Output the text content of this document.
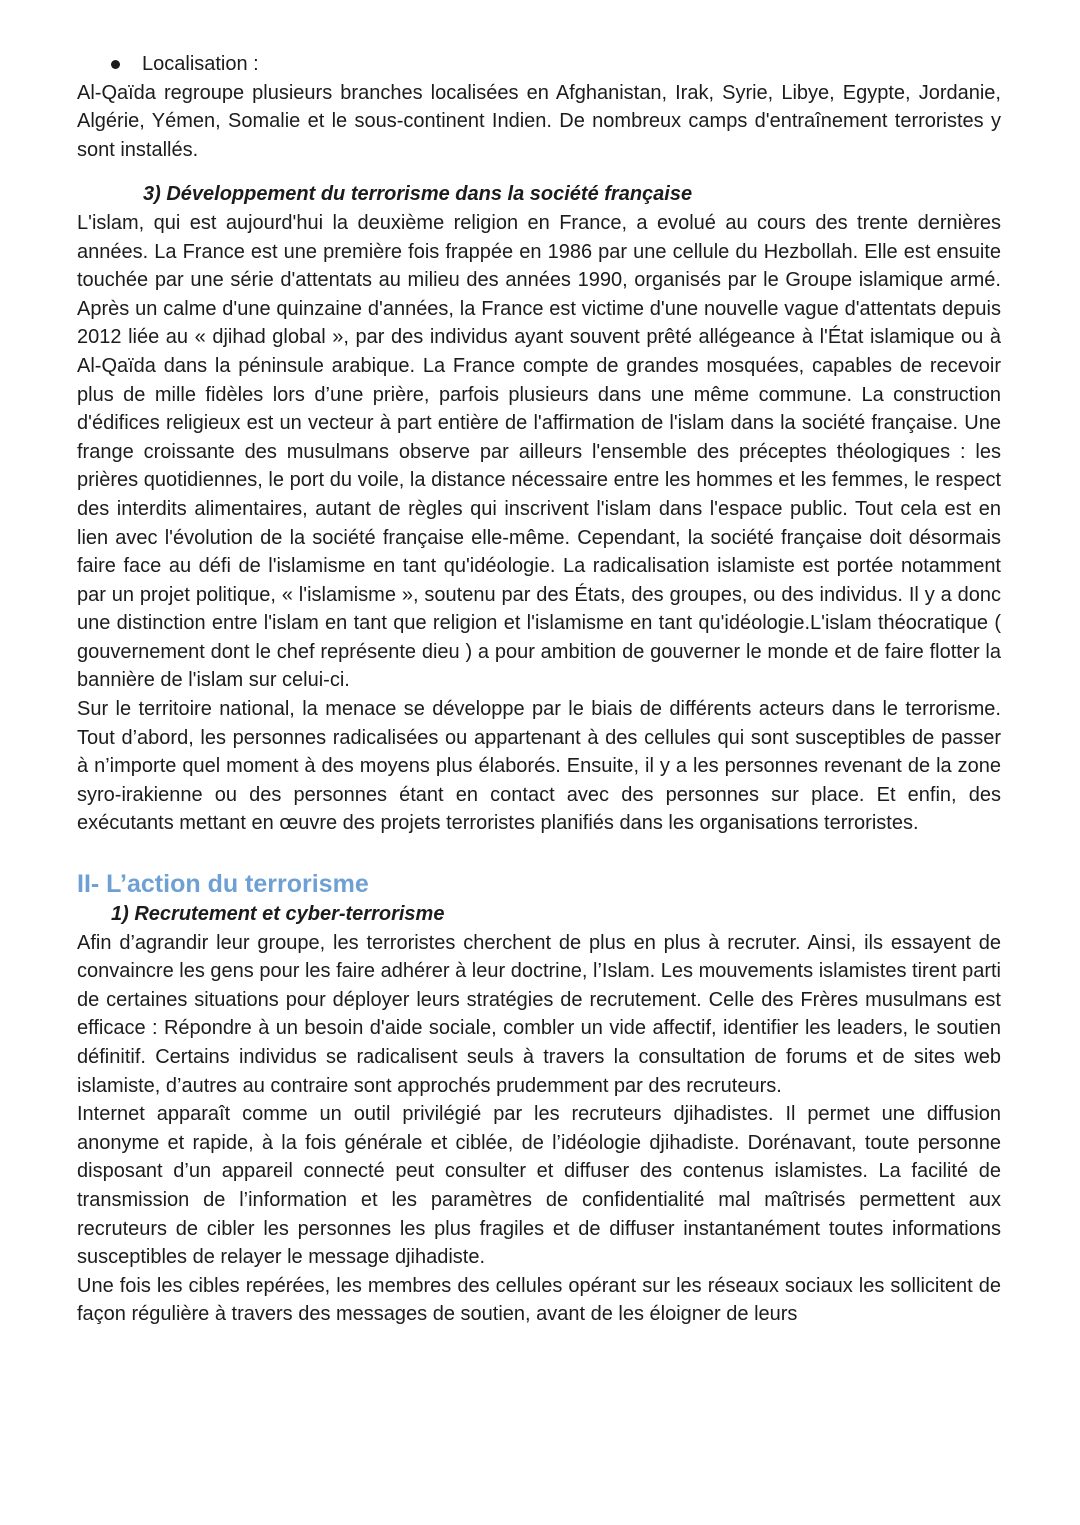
Localisation :

Al-Qaïda regroupe plusieurs branches localisées en Afghanistan, Irak, Syrie, Libye, Egypte, Jordanie, Algérie, Yémen, Somalie et le sous-continent Indien. De nombreux camps d'entraînement terroristes y sont installés.

3) Développement du terrorisme dans la société française

L'islam, qui est aujourd'hui la deuxième religion en France, a evolué au cours des trente dernières années. La France est une première fois frappée en 1986 par une cellule du Hezbollah. Elle est ensuite touchée par une série d'attentats au milieu des années 1990, organisés par le Groupe islamique armé. Après un calme d'une quinzaine d'années, la France est victime d'une nouvelle vague d'attentats depuis 2012 liée au « djihad global », par des individus ayant souvent prêté allégeance à l'État islamique ou à Al-Qaïda dans la péninsule arabique. La France compte de grandes mosquées, capables de recevoir plus de mille fidèles lors d’une prière, parfois plusieurs dans une même commune. La construction d'édifices religieux est un vecteur à part entière de l'affirmation de l'islam dans la société française. Une frange croissante des musulmans observe par ailleurs l'ensemble des préceptes théologiques : les prières quotidiennes, le port du voile, la distance nécessaire entre les hommes et les femmes, le respect des interdits alimentaires, autant de règles qui inscrivent l'islam dans l'espace public. Tout cela est en lien avec l'évolution de la société française elle-même. Cependant, la société française doit désormais faire face au défi de l'islamisme en tant qu'idéologie. La radicalisation islamiste est portée notamment par un projet politique, « l'islamisme », soutenu par des États, des groupes, ou des individus. Il y a donc une distinction entre l'islam en tant que religion et l'islamisme en tant qu'idéologie.L'islam théocratique ( gouvernement dont le chef représente dieu ) a pour ambition de gouverner le monde et de faire flotter la bannière de l'islam sur celui-ci.

Sur le territoire national, la menace se développe par le biais de différents acteurs dans le terrorisme. Tout d’abord, les personnes radicalisées ou appartenant à des cellules qui sont susceptibles de passer à n’importe quel moment à des moyens plus élaborés. Ensuite, il y a les personnes revenant de la zone syro-irakienne ou des personnes étant en contact avec des personnes sur place. Et enfin, des exécutants mettant en œuvre des projets terroristes planifiés dans les organisations terroristes.

II- L’action du terrorisme

1) Recrutement et cyber-terrorisme

Afin d’agrandir leur groupe, les terroristes cherchent de plus en plus à recruter. Ainsi, ils essayent de convaincre les gens pour les faire adhérer à leur doctrine, l’Islam. Les mouvements islamistes tirent parti de certaines situations pour déployer leurs stratégies de recrutement. Celle des Frères musulmans est efficace : Répondre à un besoin d'aide sociale, combler un vide affectif, identifier les leaders, le soutien définitif. Certains individus se radicalisent seuls à travers la consultation de forums et de sites web islamiste, d’autres au contraire sont approchés prudemment par des recruteurs.

Internet apparaît comme un outil privilégié par les recruteurs djihadistes. Il permet une diffusion anonyme et rapide, à la fois générale et ciblée, de l’idéologie djihadiste. Dorénavant, toute personne disposant d’un appareil connecté peut consulter et diffuser des contenus islamistes. La facilité de transmission de l’information et les paramètres de confidentialité mal maîtrisés permettent aux recruteurs de cibler les personnes les plus fragiles et de diffuser instantanément toutes informations susceptibles de relayer le message djihadiste.

Une fois les cibles repérées, les membres des cellules opérant sur les réseaux sociaux les sollicitent de façon régulière à travers des messages de soutien, avant de les éloigner de leurs
